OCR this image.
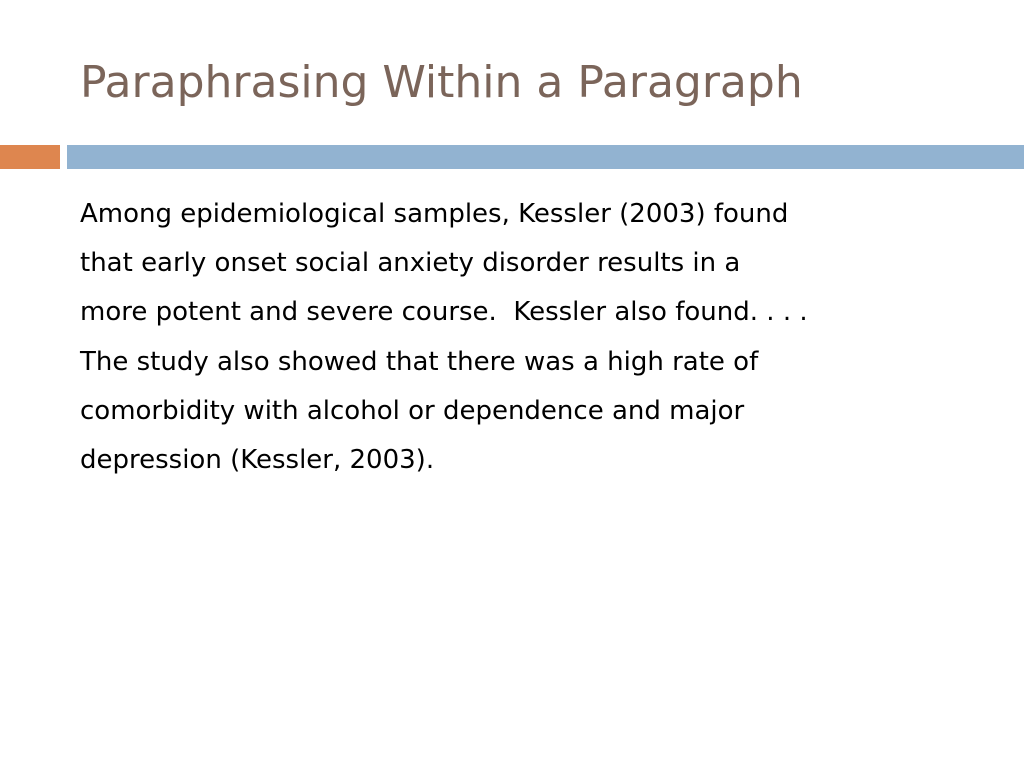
Paraphrasing Within a Paragraph

Among epidemiological samples, Kessler (2003) found
that early onset social anxiety disorder results in a
more potent and severe course.  Kessler also found. . . .
The study also showed that there was a high rate of
comorbidity with alcohol or dependence and major
depression (Kessler, 2003).
